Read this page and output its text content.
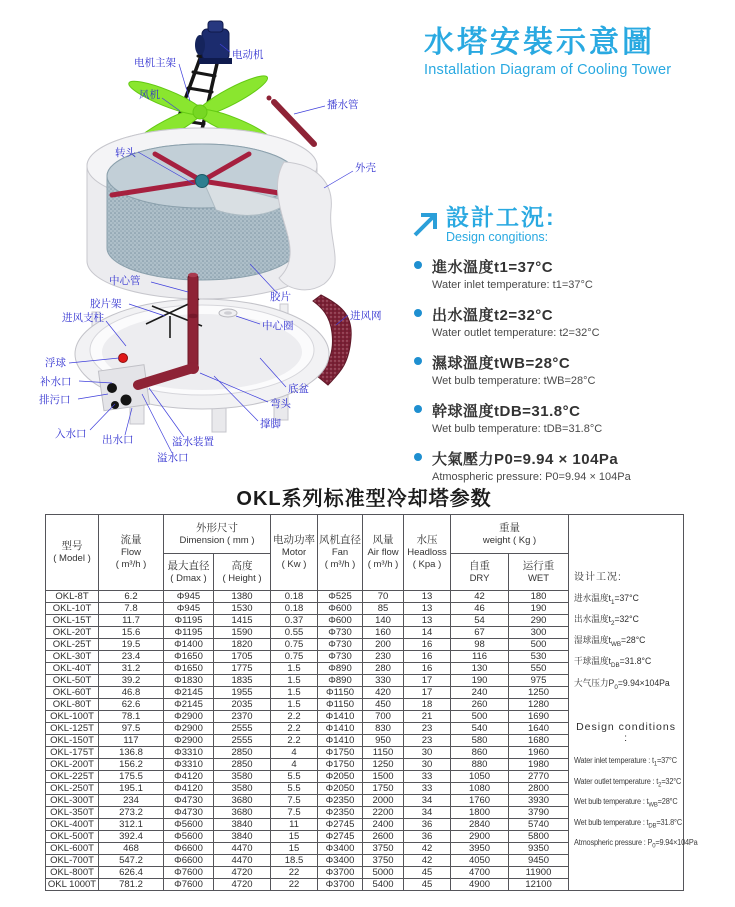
电机主架
电动机
风机
播水管
转头
外壳
中心管
胶片
胶片架
进风支柱
中心圈
进风网
浮球
补水口
排污口
入水口 出水口
溢水口
溢水装置
撑脚
弯头
底盆
水塔安裝示意圖
Installation Diagram of Cooling Tower
設計工況:
Design congitions:
進水溫度t1=37°C
Water inlet temperature: t1=37°C
出水溫度t2=32°C
Water outlet temperature: t2=32°C
濕球溫度tWB=28°C
Wet bulb temperature: tWB=28°C
幹球溫度tDB=31.8°C
Wet bulb temperature: tDB=31.8°C
大氣壓力P0=9.94 × 104Pa
Atmospheric pressure: P0=9.94 × 104Pa
OKL系列标准型冷却塔参数
型号
( Model )

流量
Flow
( m³/h )

外形尺寸
Dimension ( mm )	电动功率
Motor
( Kw )

风机直径
Fan
( m³/h )

风量
Air flow
( m³/h )

水压
Headloss
( Kpa )

重量
weight ( Kg )

设计工况:
进水温度$t_1=37^\circ C$
出水温度$t_2=32^\circ C$
湿球温度$t_{WB}=28^\circ C$
干球温度$t_{DB}=31.8^\circ C$
大气压力$P_0=9.94\times 104Pa$
Design conditions :
Water inlet temperature : $t_1=37^\circ C$
Water outlet temperature : $t_2=32^\circ C$
Wet bulb temperature : $t_{WB}=28^\circ C$
Wet bulb temperature : $t_{DB}=31.8^\circ C$
Atmospheric pressure : $P_0=9.94\times 104Pa$

最大直径
( Dmax )

高度
( Height )

自重
DRY

运行重
WET

OKL-8T	6.2	Φ945	1380	0.18	Φ525	70	13	42	180	
OKL-10T	7.8	Φ945	1530	0.18	Φ600	85	13	46	190	
OKL-15T	11.7	Φ1195	1415	0.37	Φ600	140	13	54	290	
OKL-20T	15.6	Φ1195	1590	0.55	Φ730	160	14	67	300	
OKL-25T	19.5	Φ1400	1820	0.75	Φ730	200	16	98	500	
OKL-30T	23.4	Φ1650	1705	0.75	Φ730	230	16	116	530	
OKL-40T	31.2	Φ1650	1775	1.5	Φ890	280	16	130	550	
OKL-50T	39.2	Φ1830	1835	1.5	Φ890	330	17	190	975	
OKL-60T	46.8	Φ2145	1955	1.5	Φ1150	420	17	240	1250	
OKL-80T	62.6	Φ2145	2035	1.5	Φ1150	450	18	260	1280	
OKL-100T	78.1	Φ2900	2370	2.2	Φ1410	700	21	500	1690	
OKL-125T	97.5	Φ2900	2555	2.2	Φ1410	830	23	540	1640	
OKL-150T	117	Φ2900	2555	2.2	Φ1410	950	23	580	1680	
OKL-175T	136.8	Φ3310	2850	4	Φ1750	1150	30	860	1960	
OKL-200T	156.2	Φ3310	2850	4	Φ1750	1250	30	880	1980	
OKL-225T	175.5	Φ4120	3580	5.5	Φ2050	1500	33	1050	2770	
OKL-250T	195.1	Φ4120	3580	5.5	Φ2050	1750	33	1080	2800	
OKL-300T	234	Φ4730	3680	7.5	Φ2350	2000	34	1760	3930	
OKL-350T	273.2	Φ4730	3680	7.5	Φ2350	2200	34	1800	3790	
OKL-400T	312.1	Φ5600	3840	11	Φ2745	2400	36	2840	5740	
OKL-500T	392.4	Φ5600	3840	15	Φ2745	2600	36	2900	5800	
OKL-600T	468	Φ6600	4470	15	Φ3400	3750	42	3950	9350	
OKL-700T	547.2	Φ6600	4470	18.5	Φ3400	3750	42	4050	9450	
OKL-800T	626.4	Φ7600	4720	22	Φ3700	5000	45	4700	11900	
OKL 1000T	781.2	Φ7600	4720	22	Φ3700	5400	45	4900	12100	
